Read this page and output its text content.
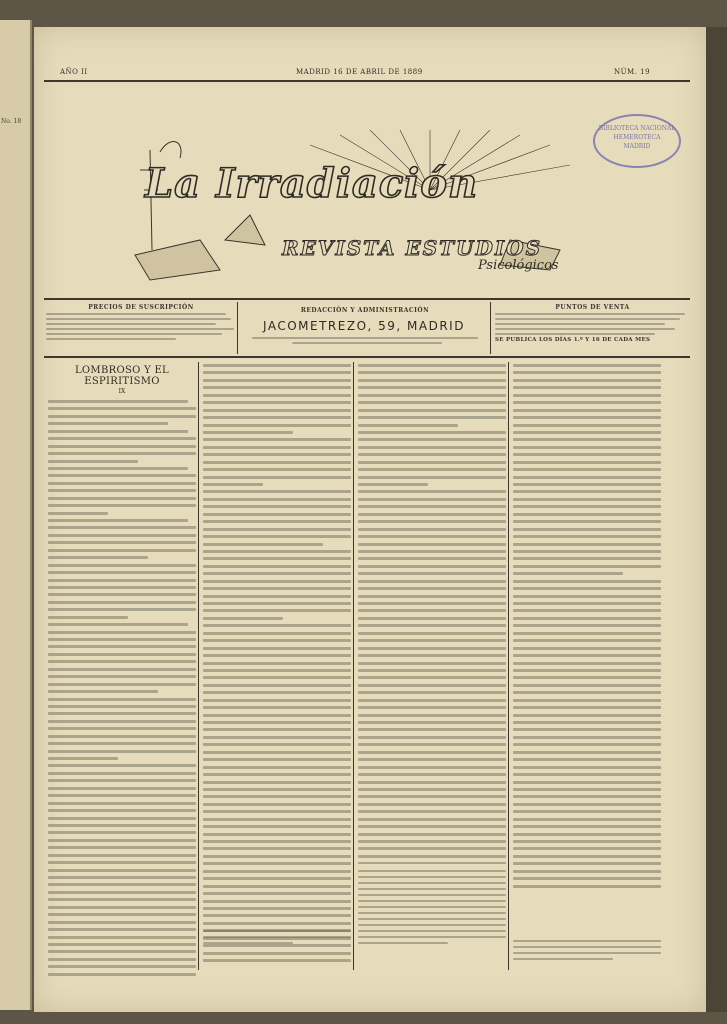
No. 18
AÑO II	MADRID 16 DE ABRIL DE 1889	NÚM. 19
BIBLIOTECA NACIONAL
HEMEROTECA
MADRID
La Irradiación
REVISTA ESTUDIOS
Psicológicos
PRECIOS DE SUSCRIPCIÓN	REDACCIÓN Y ADMINISTRACIÓN
JACOMETREZO, 59, MADRID
PUNTOS DE VENTA
SE PUBLICA LOS DÍAS 1.º Y 16 DE CADA MES
LOMBROSO Y EL ESPIRITISMO
IX
